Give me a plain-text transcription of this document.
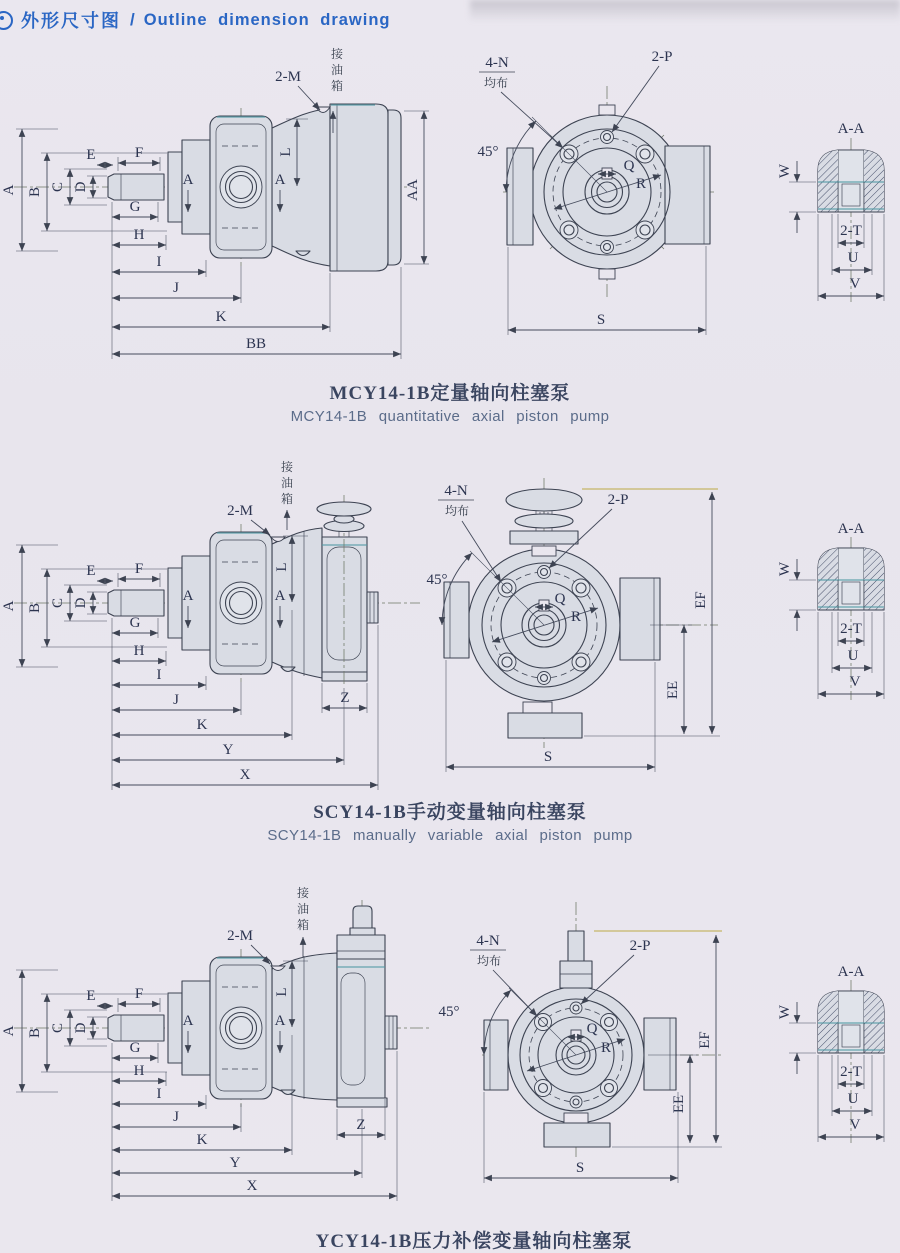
外形尺寸图 / Outline dimension drawing
接
油
箱
2-M
A	A
A B C D
E	F
G
H
I
J
K
BB
L
AA
4-N
均布
2-P
45°
Q
R
S
A-A
W
2-T
U
V
2-M
接
油
箱
A	A
A B C D
E	F
G
H
I
J
K
Y
X
Z
L
4-N
均布
2-P
45°
Q
R
EE
EF
S
A-A
W
2-T
U
V
2-M
接
油
箱
A	A
A B C D
E	F
G
H
I
J
K
Y
X
Z
L
4-N
均布
2-P
45°
Q
R
EE
EF
S
A-A
W
2-T
U
V
MCY14-1B定量轴向柱塞泵
MCY14-1B quantitative axial piston pump
SCY14-1B手动变量轴向柱塞泵
SCY14-1B manually variable axial piston pump
YCY14-1B压力补偿变量轴向柱塞泵
